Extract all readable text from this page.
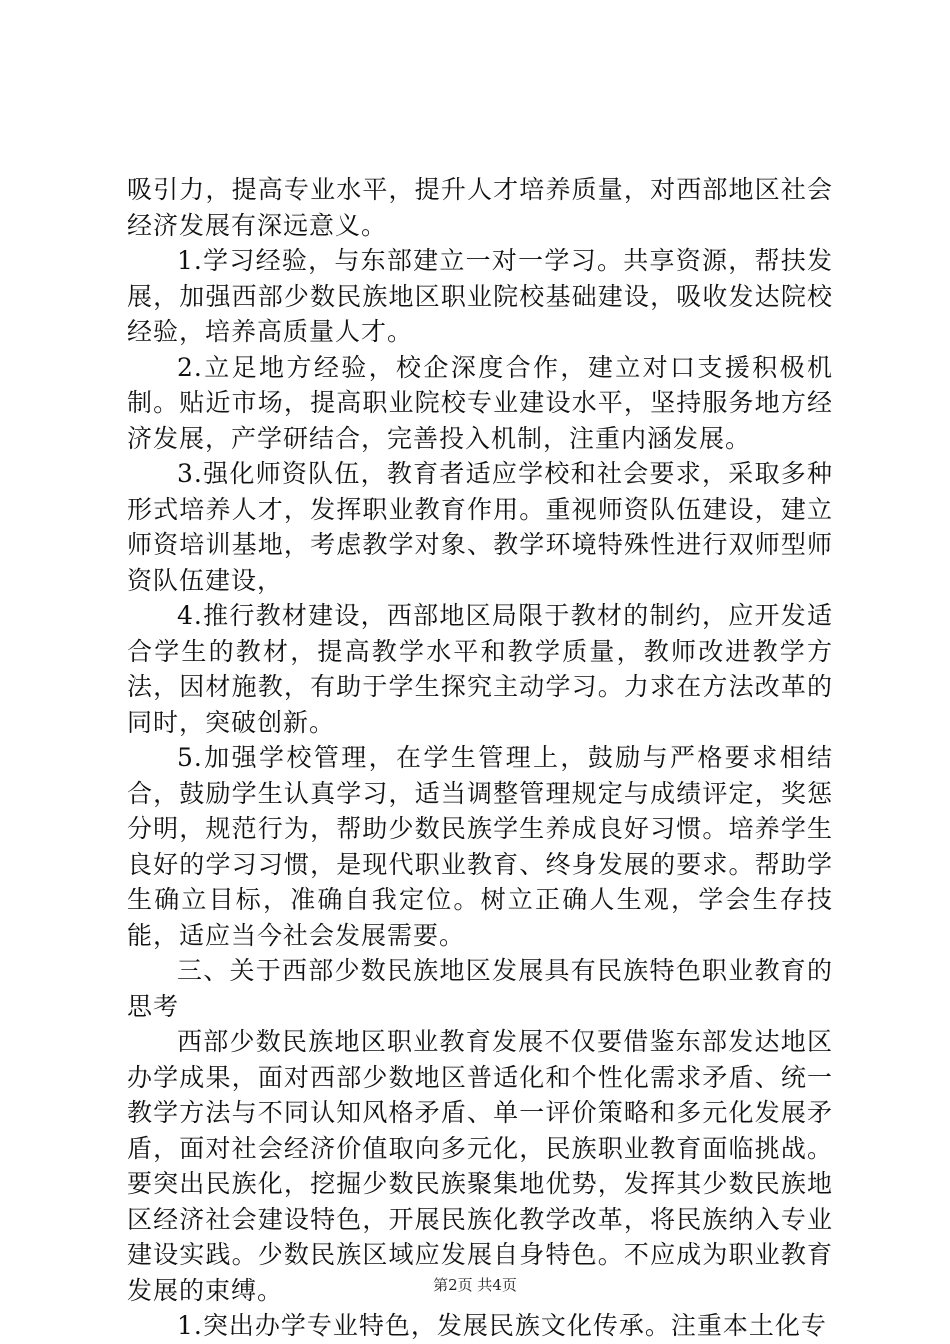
吸引力，提高专业水平，提升人才培养质量，对西部地区社会经济发展有深远意义。

1.学习经验，与东部建立一对一学习。共享资源，帮扶发展，加强西部少数民族地区职业院校基础建设，吸收发达院校经验，培养高质量人才。

2.立足地方经验，校企深度合作，建立对口支援积极机制。贴近市场，提高职业院校专业建设水平，坚持服务地方经济发展，产学研结合，完善投入机制，注重内涵发展。

3.强化师资队伍，教育者适应学校和社会要求，采取多种形式培养人才，发挥职业教育作用。重视师资队伍建设，建立师资培训基地，考虑教学对象、教学环境特殊性进行双师型师资队伍建设，

4.推行教材建设，西部地区局限于教材的制约，应开发适合学生的教材，提高教学水平和教学质量，教师改进教学方法，因材施教，有助于学生探究主动学习。力求在方法改革的同时，突破创新。

5.加强学校管理，在学生管理上，鼓励与严格要求相结合，鼓励学生认真学习，适当调整管理规定与成绩评定，奖惩分明，规范行为，帮助少数民族学生养成良好习惯。培养学生良好的学习习惯，是现代职业教育、终身发展的要求。帮助学生确立目标，准确自我定位。树立正确人生观，学会生存技能，适应当今社会发展需要。

三、关于西部少数民族地区发展具有民族特色职业教育的思考

西部少数民族地区职业教育发展不仅要借鉴东部发达地区办学成果，面对西部少数地区普适化和个性化需求矛盾、统一教学方法与不同认知风格矛盾、单一评价策略和多元化发展矛盾，面对社会经济价值取向多元化，民族职业教育面临挑战。要突出民族化，挖掘少数民族聚集地优势，发挥其少数民族地区经济社会建设特色，开展民族化教学改革，将民族纳入专业建设实践。少数民族区域应发展自身特色。不应成为职业教育发展的束缚。

1.突出办学专业特色，发展民族文化传承。注重本土化专

第2页 共4页
